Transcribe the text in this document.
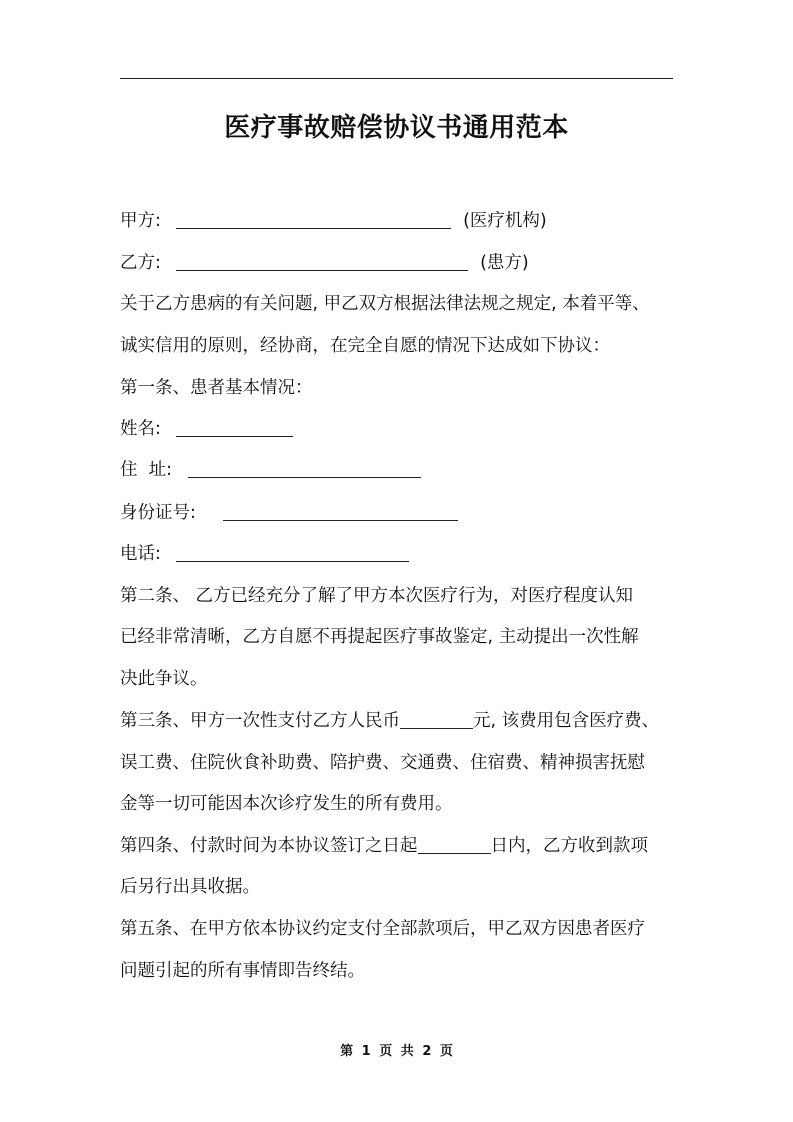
医疗事故赔偿协议书通用范本
甲方:	(医疗机构)
乙方:	(患方)
关于乙方患病的有关问题, 甲乙双方根据法律法规之规定, 本着平等、
诚实信用的原则，经协商，在完全自愿的情况下达成如下协议：
第一条、患者基本情况：
姓名:
住  址:
身份证号:
电话:
第二条、 乙方已经充分了解了甲方本次医疗行为，对医疗程度认知
已经非常清晰，乙方自愿不再提起医疗事故鉴定, 主动提出一次性解
决此争议。
第三条、甲方一次性支付乙方人民币	元, 该费用包含医疗费、
误工费、住院伙食补助费、陪护费、交通费、住宿费、精神损害抚慰
金等一切可能因本次诊疗发生的所有费用。
第四条、付款时间为本协议签订之日起	日内，乙方收到款项
后另行出具收据。
第五条、在甲方依本协议约定支付全部款项后，甲乙双方因患者医疗
问题引起的所有事情即告终结。
第 1 页 共 2 页
